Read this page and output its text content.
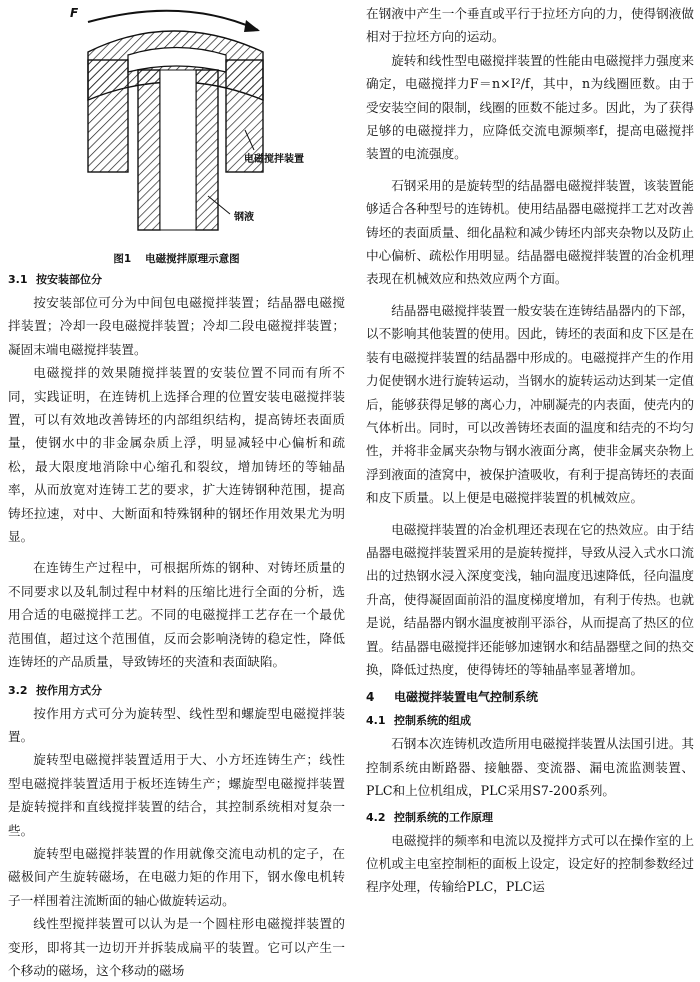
F
电磁搅拌装置
钢液
图1 电磁搅拌原理示意图
3.1 按安装部位分

按安装部位可分为中间包电磁搅拌装置；结晶器电磁搅拌装置；冷却一段电磁搅拌装置；冷却二段电磁搅拌装置；凝固末端电磁搅拌装置。

电磁搅拌的效果随搅拌装置的安装位置不同而有所不同，实践证明，在连铸机上选择合理的位置安装电磁搅拌装置，可以有效地改善铸坯的内部组织结构，提高铸坯表面质量，使钢水中的非金属杂质上浮，明显减轻中心偏析和疏松，最大限度地消除中心缩孔和裂纹，增加铸坯的等轴晶率，从而放宽对连铸工艺的要求，扩大连铸钢种范围，提高铸坯拉速，对中、大断面和特殊钢种的钢坯作用效果尤为明显。

在连铸生产过程中，可根据所炼的钢种、对铸坯质量的不同要求以及轧制过程中材料的压缩比进行全面的分析，选用合适的电磁搅拌工艺。不同的电磁搅拌工艺存在一个最优范围值，超过这个范围值，反而会影响浇铸的稳定性，降低连铸坯的产品质量，导致铸坯的夹渣和表面缺陷。

3.2 按作用方式分

按作用方式可分为旋转型、线性型和螺旋型电磁搅拌装置。

旋转型电磁搅拌装置适用于大、小方坯连铸生产；线性型电磁搅拌装置适用于板坯连铸生产；螺旋型电磁搅拌装置是旋转搅拌和直线搅拌装置的结合，其控制系统相对复杂一些。

旋转型电磁搅拌装置的作用就像交流电动机的定子，在磁极间产生旋转磁场，在电磁力矩的作用下，钢水像电机转子一样围着注流断面的轴心做旋转运动。

线性型搅拌装置可以认为是一个圆柱形电磁搅拌装置的变形，即将其一边切开并拆装成扁平的装置。它可以产生一个移动的磁场，这个移动的磁场

在钢液中产生一个垂直或平行于拉坯方向的力，使得钢液做相对于拉坯方向的运动。

旋转和线性型电磁搅拌装置的性能由电磁搅拌力强度来确定，电磁搅拌力F＝n×I²/f，其中，n为线圈匝数。由于受安装空间的限制，线圈的匝数不能过多。因此，为了获得足够的电磁搅拌力，应降低交流电源频率f，提高电磁搅拌装置的电流强度。

石钢采用的是旋转型的结晶器电磁搅拌装置，该装置能够适合各种型号的连铸机。使用结晶器电磁搅拌工艺对改善铸坯的表面质量、细化晶粒和减少铸坯内部夹杂物以及防止中心偏析、疏松作用明显。结晶器电磁搅拌装置的冶金机理表现在机械效应和热效应两个方面。

结晶器电磁搅拌装置一般安装在连铸结晶器内的下部，以不影响其他装置的使用。因此，铸坯的表面和皮下区是在装有电磁搅拌装置的结晶器中形成的。电磁搅拌产生的作用力促使钢水进行旋转运动，当钢水的旋转运动达到某一定值后，能够获得足够的离心力，冲刷凝壳的内表面，使壳内的气体析出。同时，可以改善铸坯表面的温度和结壳的不均匀性，并将非金属夹杂物与钢水液面分离，使非金属夹杂物上浮到液面的渣窝中，被保护渣吸收，有利于提高铸坯的表面和皮下质量。以上便是电磁搅拌装置的机械效应。

电磁搅拌装置的冶金机理还表现在它的热效应。由于结晶器电磁搅拌装置采用的是旋转搅拌，导致从浸入式水口流出的过热钢水浸入深度变浅，轴向温度迅速降低，径向温度升高，使得凝固面前沿的温度梯度增加，有利于传热。也就是说，结晶器内钢水温度被削平添谷，从而提高了热区的位置。结晶器电磁搅拌还能够加速钢水和结晶器壁之间的热交换，降低过热度，使得铸坯的等轴晶率显著增加。

4 电磁搅拌装置电气控制系统
4.1 控制系统的组成

石钢本次连铸机改造所用电磁搅拌装置从法国引进。其控制系统由断路器、接触器、变流器、漏电流监测装置、PLC和上位机组成，PLC采用S7-200系列。

4.2 控制系统的工作原理

电磁搅拌的频率和电流以及搅拌方式可以在操作室的上位机或主电室控制柜的面板上设定，设定好的控制参数经过程序处理，传输给PLC，PLC运
